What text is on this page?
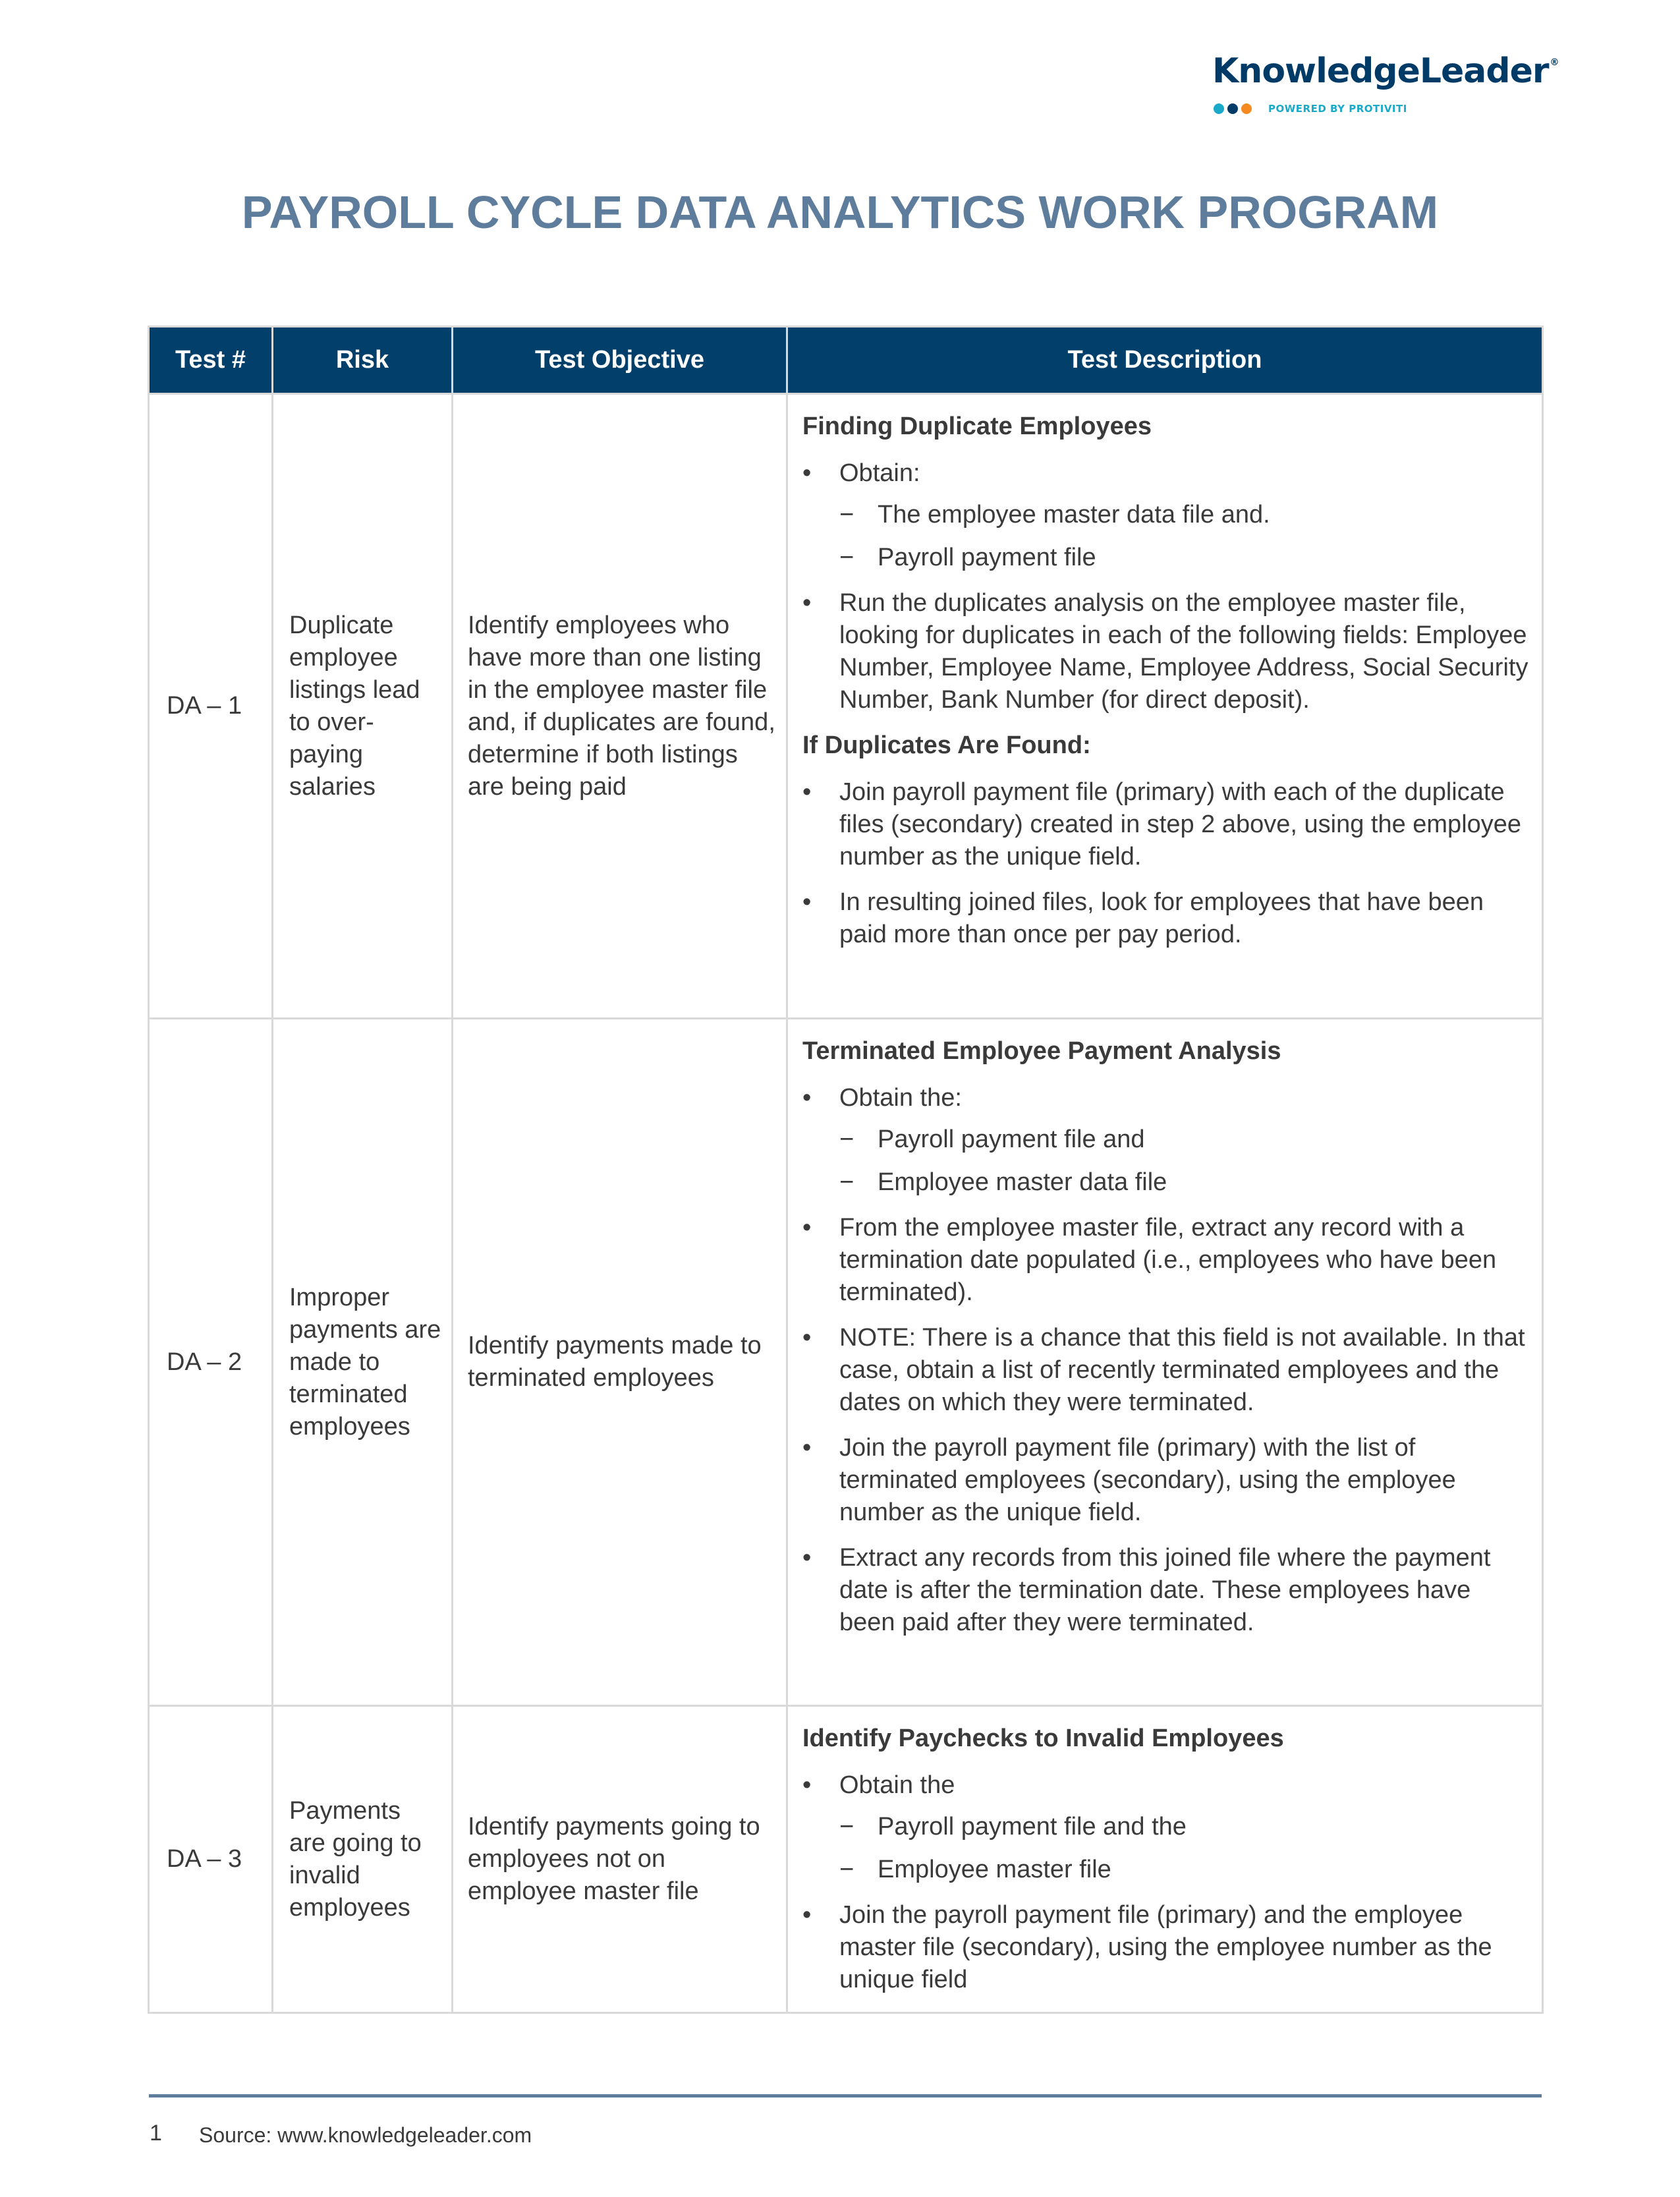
KnowledgeLeader ®
POWERED BY PROTIVITI
PAYROLL CYCLE DATA ANALYTICS WORK PROGRAM
Test #	Risk	Test Objective	Test Description
DA – 1	Duplicate employee listings lead to over-paying salaries	Identify employees who have more than one listing in the employee master file and, if duplicates are found, determine if both listings are being paid	
Finding Duplicate Employees
•	Obtain:
− The employee master data file and.
− Payroll payment file
•	Run the duplicates analysis on the employee master file, looking for duplicates in each of the following fields: Employee Number, Employee Name, Employee Address, Social Security Number, Bank Number (for direct deposit).
If Duplicates Are Found:
•	Join payroll payment file (primary) with each of the duplicate files (secondary) created in step 2 above, using the employee number as the unique field.
•	In resulting joined files, look for employees that have been paid more than once per pay period.

DA – 2	Improper payments are made to terminated employees	Identify payments made to terminated employees	
Terminated Employee Payment Analysis
•	Obtain the:
− Payroll payment file and
− Employee master data file
•	From the employee master file, extract any record with a termination date populated (i.e., employees who have been terminated).
•	NOTE: There is a chance that this field is not available. In that case, obtain a list of recently terminated employees and the dates on which they were terminated.
•	Join the payroll payment file (primary) with the list of terminated employees (secondary), using the employee number as the unique field.
•	Extract any records from this joined file where the payment date is after the termination date. These employees have been paid after they were terminated.

DA – 3	Payments are going to invalid employees	Identify payments going to employees not on employee master file	
Identify Paychecks to Invalid Employees
•	Obtain the
− Payroll payment file and the
− Employee master file
•	Join the payroll payment file (primary) and the employee master file (secondary), using the employee number as the unique field
1 Source: www.knowledgeleader.com
